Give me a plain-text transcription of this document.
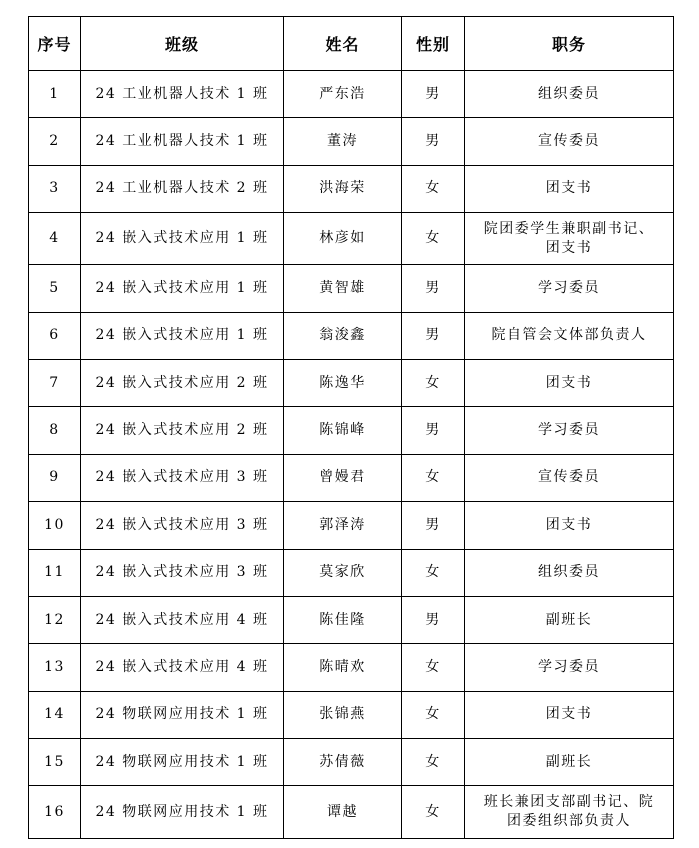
序号	班级	姓名	性别	职务
1	24 工业机器人技术 1 班	严东浩	男	组织委员
2	24 工业机器人技术 1 班	董涛	男	宣传委员
3	24 工业机器人技术 2 班	洪海荣	女	团支书
4	24 嵌入式技术应用 1 班	林彦如	女	院团委学生兼职副书记、团支书
5	24 嵌入式技术应用 1 班	黄智雄	男	学习委员
6	24 嵌入式技术应用 1 班	翁浚鑫	男	院自管会文体部负责人
7	24 嵌入式技术应用 2 班	陈逸华	女	团支书
8	24 嵌入式技术应用 2 班	陈锦峰	男	学习委员
9	24 嵌入式技术应用 3 班	曾嫚君	女	宣传委员
10	24 嵌入式技术应用 3 班	郭泽涛	男	团支书
11	24 嵌入式技术应用 3 班	莫家欣	女	组织委员
12	24 嵌入式技术应用 4 班	陈佳隆	男	副班长
13	24 嵌入式技术应用 4 班	陈晴欢	女	学习委员
14	24 物联网应用技术 1 班	张锦燕	女	团支书
15	24 物联网应用技术 1 班	苏倩薇	女	副班长
16	24 物联网应用技术 1 班	谭越	女	班长兼团支部副书记、院团委组织部负责人
